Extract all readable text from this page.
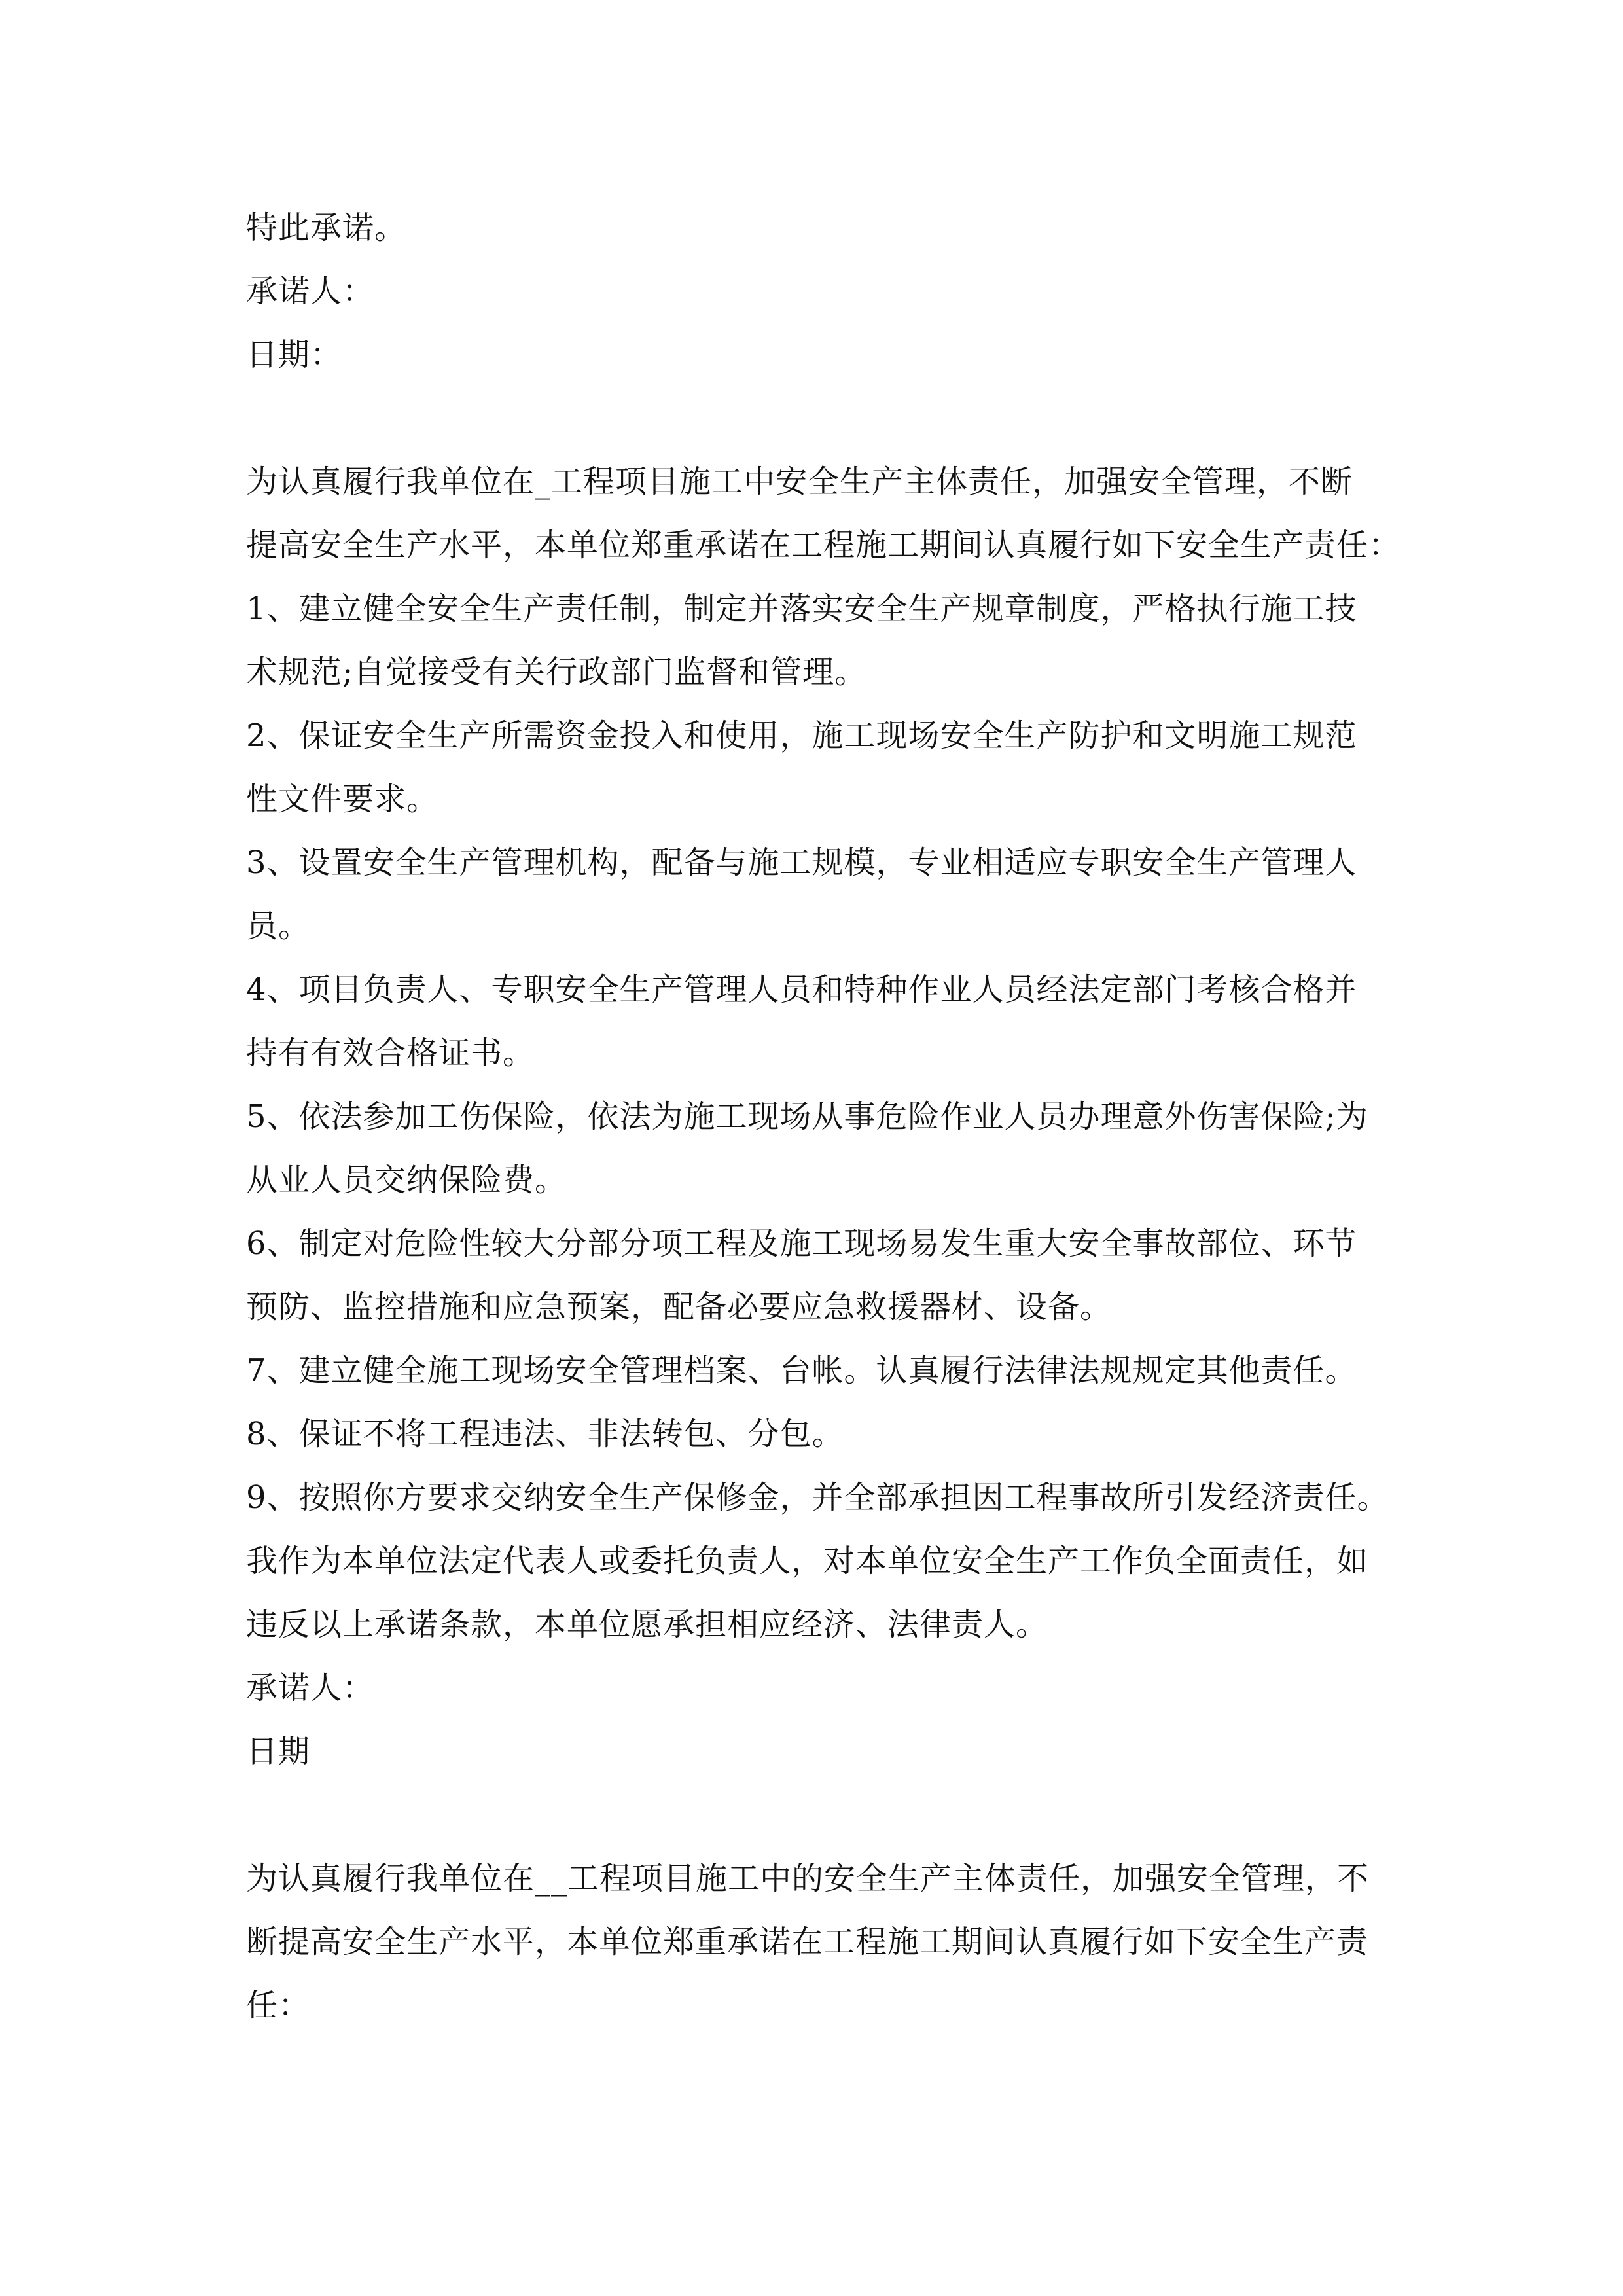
特此承诺。
承诺人：
日期：
为认真履行我单位在_工程项目施工中安全生产主体责任，加强安全管理，不断
提高安全生产水平，本单位郑重承诺在工程施工期间认真履行如下安全生产责任：
1、建立健全安全生产责任制，制定并落实安全生产规章制度，严格执行施工技
术规范;自觉接受有关行政部门监督和管理。
2、保证安全生产所需资金投入和使用，施工现场安全生产防护和文明施工规范
性文件要求。
3、设置安全生产管理机构，配备与施工规模，专业相适应专职安全生产管理人
员。
4、项目负责人、专职安全生产管理人员和特种作业人员经法定部门考核合格并
持有有效合格证书。
5、依法参加工伤保险，依法为施工现场从事危险作业人员办理意外伤害保险;为
从业人员交纳保险费。
6、制定对危险性较大分部分项工程及施工现场易发生重大安全事故部位、环节
预防、监控措施和应急预案，配备必要应急救援器材、设备。
7、建立健全施工现场安全管理档案、台帐。认真履行法律法规规定其他责任。
8、保证不将工程违法、非法转包、分包。
9、按照你方要求交纳安全生产保修金，并全部承担因工程事故所引发经济责任。
我作为本单位法定代表人或委托负责人，对本单位安全生产工作负全面责任，如
违反以上承诺条款，本单位愿承担相应经济、法律责人。
承诺人：
日期
为认真履行我单位在__工程项目施工中的安全生产主体责任，加强安全管理，不
断提高安全生产水平，本单位郑重承诺在工程施工期间认真履行如下安全生产责
任：
